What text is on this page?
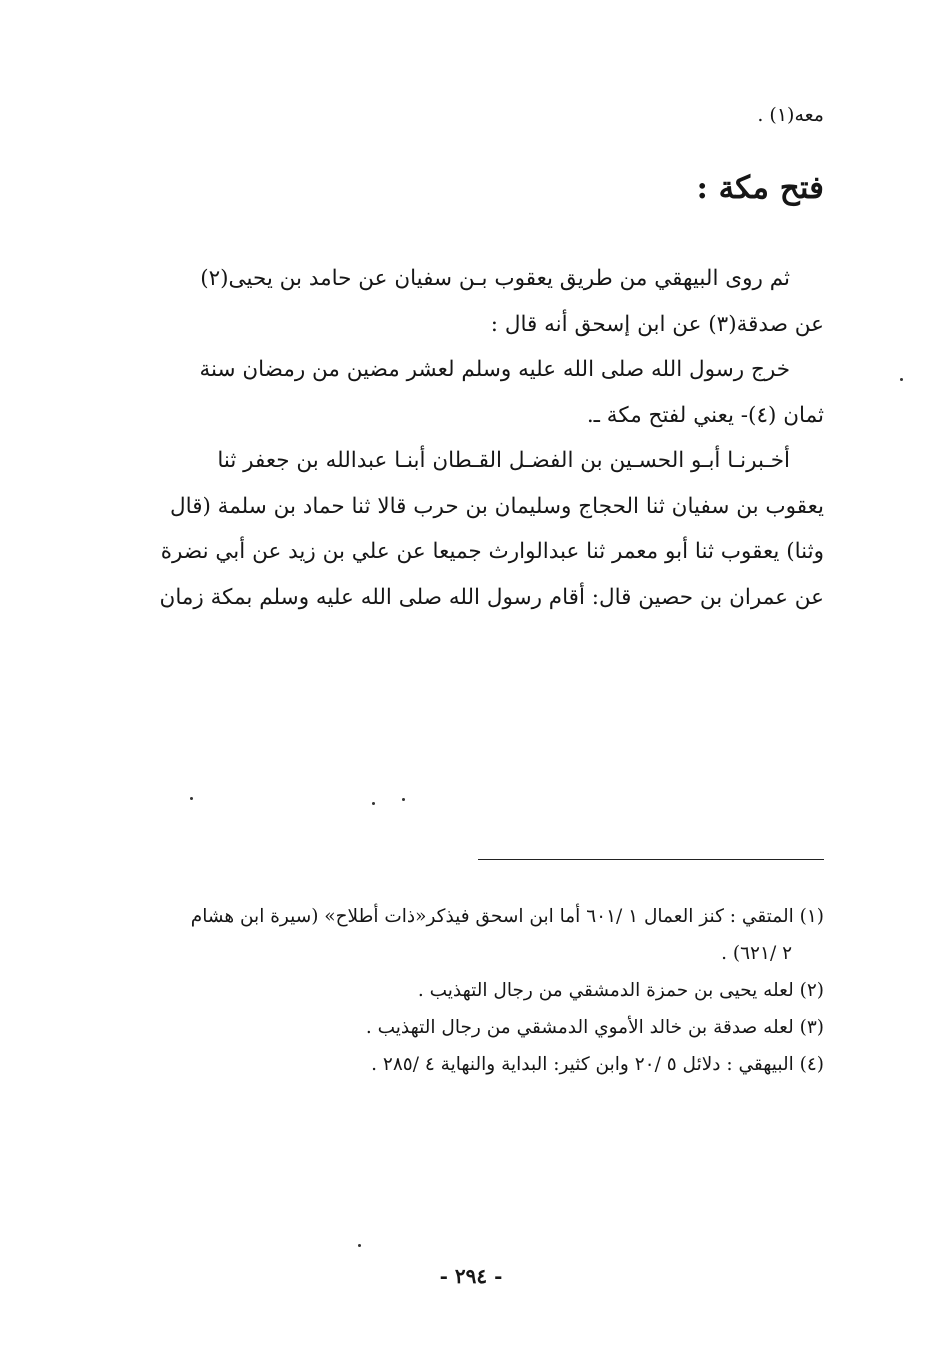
معه(١) .
فتح مكة :

ثم روى البيهقي من طريق يعقوب بـن سفيان عن حامد بن يحيى(٢)

عن صدقة(٣) عن ابن إسحق أنه قال :

خرج رسول الله صلى الله عليه وسلم لعشر مضين من رمضان سنة

ثمان (٤)- يعني لفتح مكة ـ.

أخـبرنـا أبـو الحسـين بن الفضـل القـطان أبنـا عبدالله بن جعفر ثنا

يعقوب بن سفيان ثنا الحجاج وسليمان بن حرب قالا ثنا حماد بن سلمة (قال

وثنا) يعقوب ثنا أبو معمر ثنا عبدالوارث جميعا عن علي بن زيد عن أبي نضرة

عن عمران بن حصين قال: أقام رسول الله صلى الله عليه وسلم بمكة زمان

(١) المتقي : كنز العمال ١ /٦٠١ أما ابن اسحق فيذكر«ذات أطلاح» (سيرة ابن هشام

٢ /٦٢١) .

(٢) لعله يحيى بن حمزة الدمشقي من رجال التهذيب .

(٣) لعله صدقة بن خالد الأموي الدمشقي من رجال التهذيب .

(٤) البيهقي : دلائل ٥ /٢٠ وابن كثير: البداية والنهاية ٤ /٢٨٥ .

- ٢٩٤ -
